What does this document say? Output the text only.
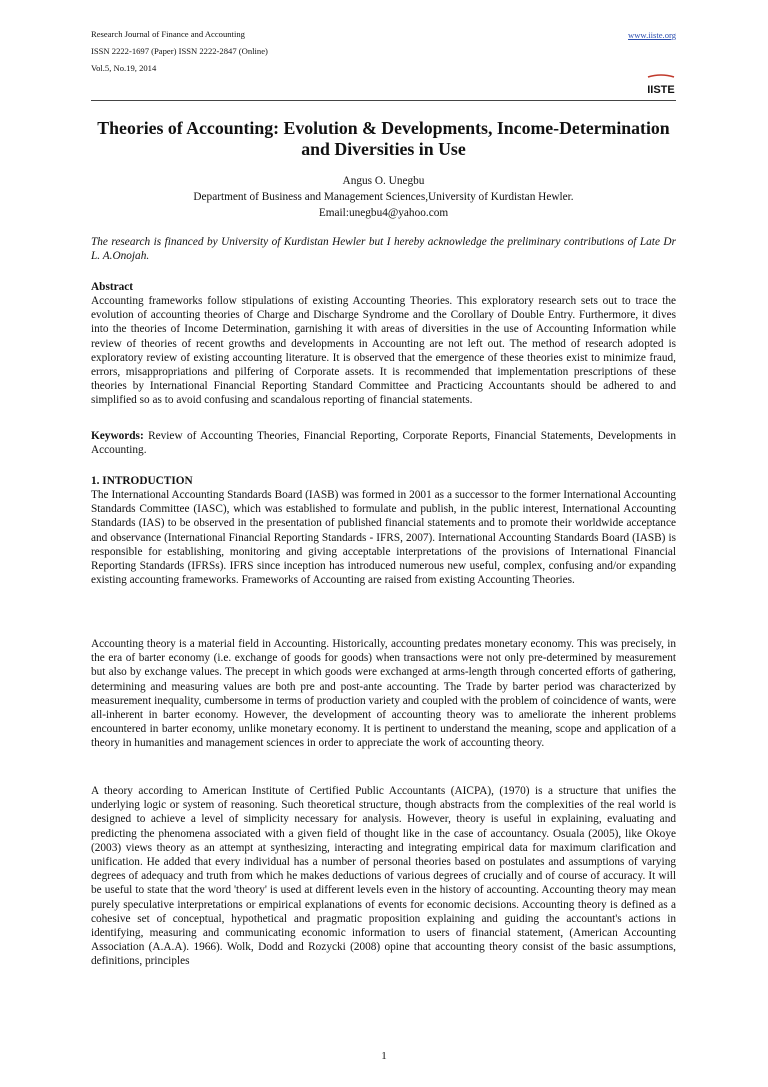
Research Journal of Finance and Accounting
ISSN 2222-1697 (Paper) ISSN 2222-2847 (Online)
Vol.5, No.19, 2014
www.iiste.org
IISTE
Theories of Accounting: Evolution & Developments, Income-Determination and Diversities in Use
Angus O. Unegbu
Department of Business and Management Sciences,University of Kurdistan Hewler.
Email:unegbu4@yahoo.com

The research is financed by University of Kurdistan Hewler but I hereby acknowledge the preliminary contributions of Late Dr L. A.Onojah.

Abstract

Accounting frameworks follow stipulations of existing Accounting Theories. This exploratory research sets out to trace the evolution of accounting theories of Charge and Discharge Syndrome and the Corollary of Double Entry. Furthermore, it dives into the theories of Income Determination, garnishing it with areas of diversities in the use of Accounting Information while review of theories of recent growths and developments in Accounting are not left out. The method of research adopted is exploratory review of existing accounting literature. It is observed that the emergence of these theories exist to minimize fraud, errors, misappropriations and pilfering of Corporate assets. It is recommended that implementation prescriptions of these theories by International Financial Reporting Standard Committee and Practicing Accountants should be adhered to and simplified so as to avoid confusing and scandalous reporting of financial statements.

Keywords: Review of Accounting Theories, Financial Reporting, Corporate Reports, Financial Statements, Developments in Accounting.

1. INTRODUCTION

The International Accounting Standards Board (IASB) was formed in 2001 as a successor to the former International Accounting Standards Committee (IASC), which was established to formulate and publish, in the public interest, International Accounting Standards (IAS) to be observed in the presentation of published financial statements and to promote their worldwide acceptance and observance (International Financial Reporting Standards - IFRS, 2007). International Accounting Standards Board (IASB) is responsible for establishing, monitoring and giving acceptable interpretations of the provisions of International Financial Reporting Standards (IFRSs). IFRS since inception has introduced numerous new useful, complex, confusing and/or expanding existing accounting frameworks. Frameworks of Accounting are raised from existing Accounting Theories.

Accounting theory is a material field in Accounting. Historically, accounting predates monetary economy. This was precisely, in the era of barter economy (i.e. exchange of goods for goods) when transactions were not only pre-determined by measurement but also by exchange values. The precept in which goods were exchanged at arms-length through concerted efforts of gathering, determining and measuring values are both pre and post-ante accounting. The Trade by barter period was characterized by measurement inequality, cumbersome in terms of production variety and coupled with the problem of coincidence of wants, were all-inherent in barter economy. However, the development of accounting theory was to ameliorate the inherent problems encountered in barter economy, unlike monetary economy. It is pertinent to understand the meaning, scope and application of a theory in humanities and management sciences in order to appreciate the work of accounting theory.

A theory according to American Institute of Certified Public Accountants (AICPA), (1970) is a structure that unifies the underlying logic or system of reasoning. Such theoretical structure, though abstracts from the complexities of the real world is designed to achieve a level of simplicity necessary for analysis. However, theory is useful in explaining, evaluating and predicting the phenomena associated with a given field of thought like in the case of accountancy. Osuala (2005), like Okoye (2003) views theory as an attempt at synthesizing, interacting and integrating empirical data for maximum clarification and unification. He added that every individual has a number of personal theories based on postulates and assumptions of varying degrees of adequacy and truth from which he makes deductions of various degrees of crucially and of course of accuracy. It will be useful to state that the word 'theory' is used at different levels even in the history of accounting. Accounting theory may mean purely speculative interpretations or empirical explanations of events for economic decisions. Accounting theory is defined as a cohesive set of conceptual, hypothetical and pragmatic proposition explaining and guiding the accountant's actions in identifying, measuring and communicating economic information to users of financial statement, (American Accounting Association (A.A.A). 1966). Wolk, Dodd and Rozycki (2008) opine that accounting theory consist of the basic assumptions, definitions, principles

1
